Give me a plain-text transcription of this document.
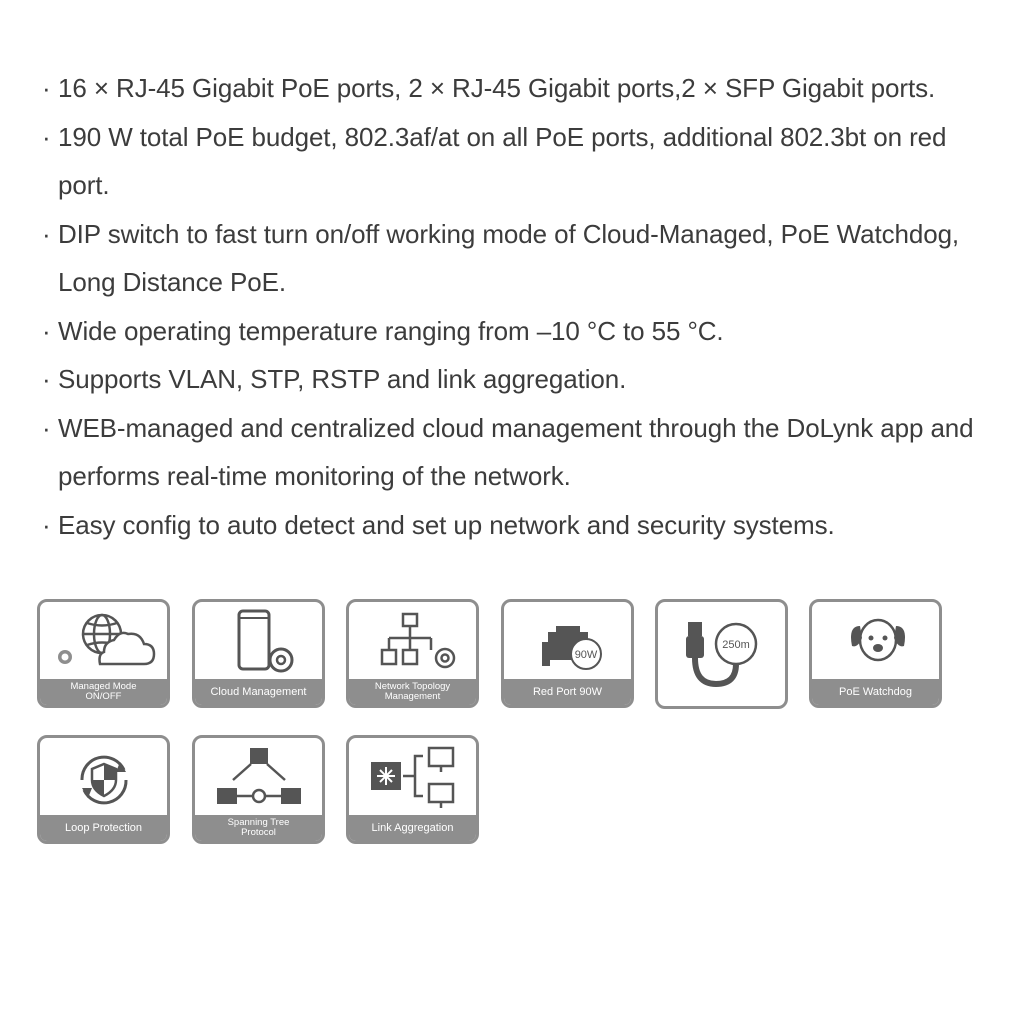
· 16 × RJ-45 Gigabit PoE ports, 2 × RJ-45 Gigabit ports,2 × SFP Gigabit ports.
· 190 W total PoE budget, 802.3af/at on all PoE ports, additional 802.3bt on red port.
· DIP switch to fast turn on/off working mode of Cloud-Managed, PoE Watchdog, Long Distance PoE.
· Wide operating temperature ranging from –10 °C to 55 °C.
· Supports VLAN, STP, RSTP and link aggregation.
· WEB-managed and centralized cloud management through the DoLynk app and performs real-time monitoring of the network.
· Easy config to auto detect and set up network and security systems.
Managed Mode
ON/OFF	Cloud Management	Network Topology
Management
90W
Red Port 90W
250m
PoE Watchdog
Loop Protection	Spanning Tree
Protocol	Link Aggregation
